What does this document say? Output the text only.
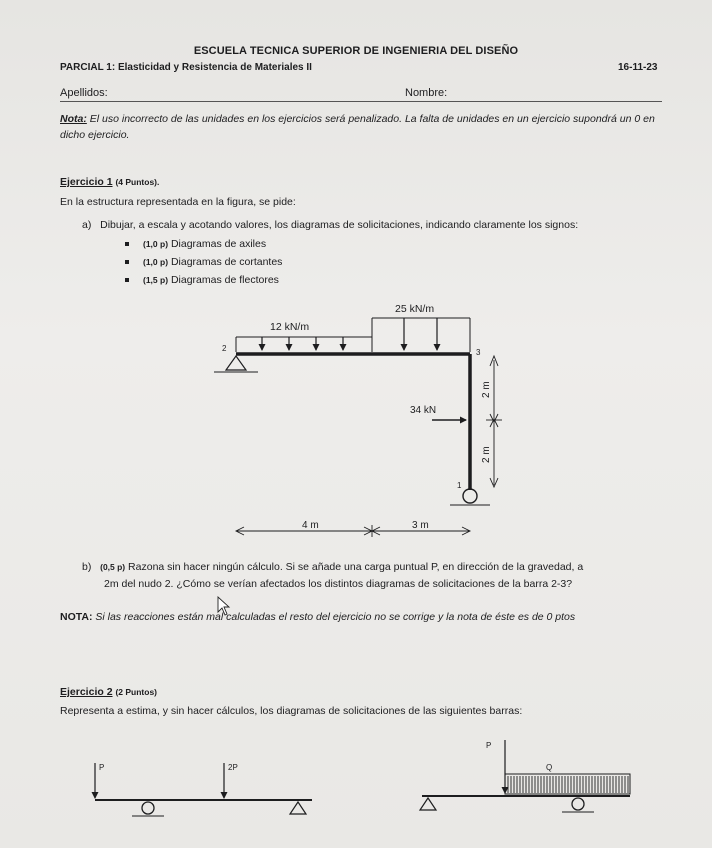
ESCUELA TECNICA SUPERIOR DE INGENIERIA DEL DISEÑO
PARCIAL 1: Elasticidad y Resistencia de Materiales II	16-11-23
Apellidos:	Nombre:
Nota: El uso incorrecto de las unidades en los ejercicios será penalizado. La falta de unidades en un ejercicio supondrá un 0 en dicho ejercicio.
Ejercicio 1 (4 Puntos).
En la estructura representada en la figura, se pide:
a) Dibujar, a escala y acotando valores, los diagramas de solicitaciones, indicando claramente los signos:
(1,0 p) Diagramas de axiles
(1,0 p) Diagramas de cortantes
(1,5 p) Diagramas de flectores
25 kN/m
12 kN/m
2	3
1
34 kN
2 m
2 m
4 m	3 m
P	2P
P
Q
b) (0,5 p) Razona sin hacer ningún cálculo. Si se añade una carga puntual P, en dirección de la gravedad, a
2m del nudo 2. ¿Cómo se verían afectados los distintos diagramas de solicitaciones de la barra 2-3?
NOTA: Si las reacciones están mal calculadas el resto del ejercicio no se corrige y la nota de éste es de 0 ptos
Ejercicio 2 (2 Puntos)
Representa a estima, y sin hacer cálculos, los diagramas de solicitaciones de las siguientes barras:
